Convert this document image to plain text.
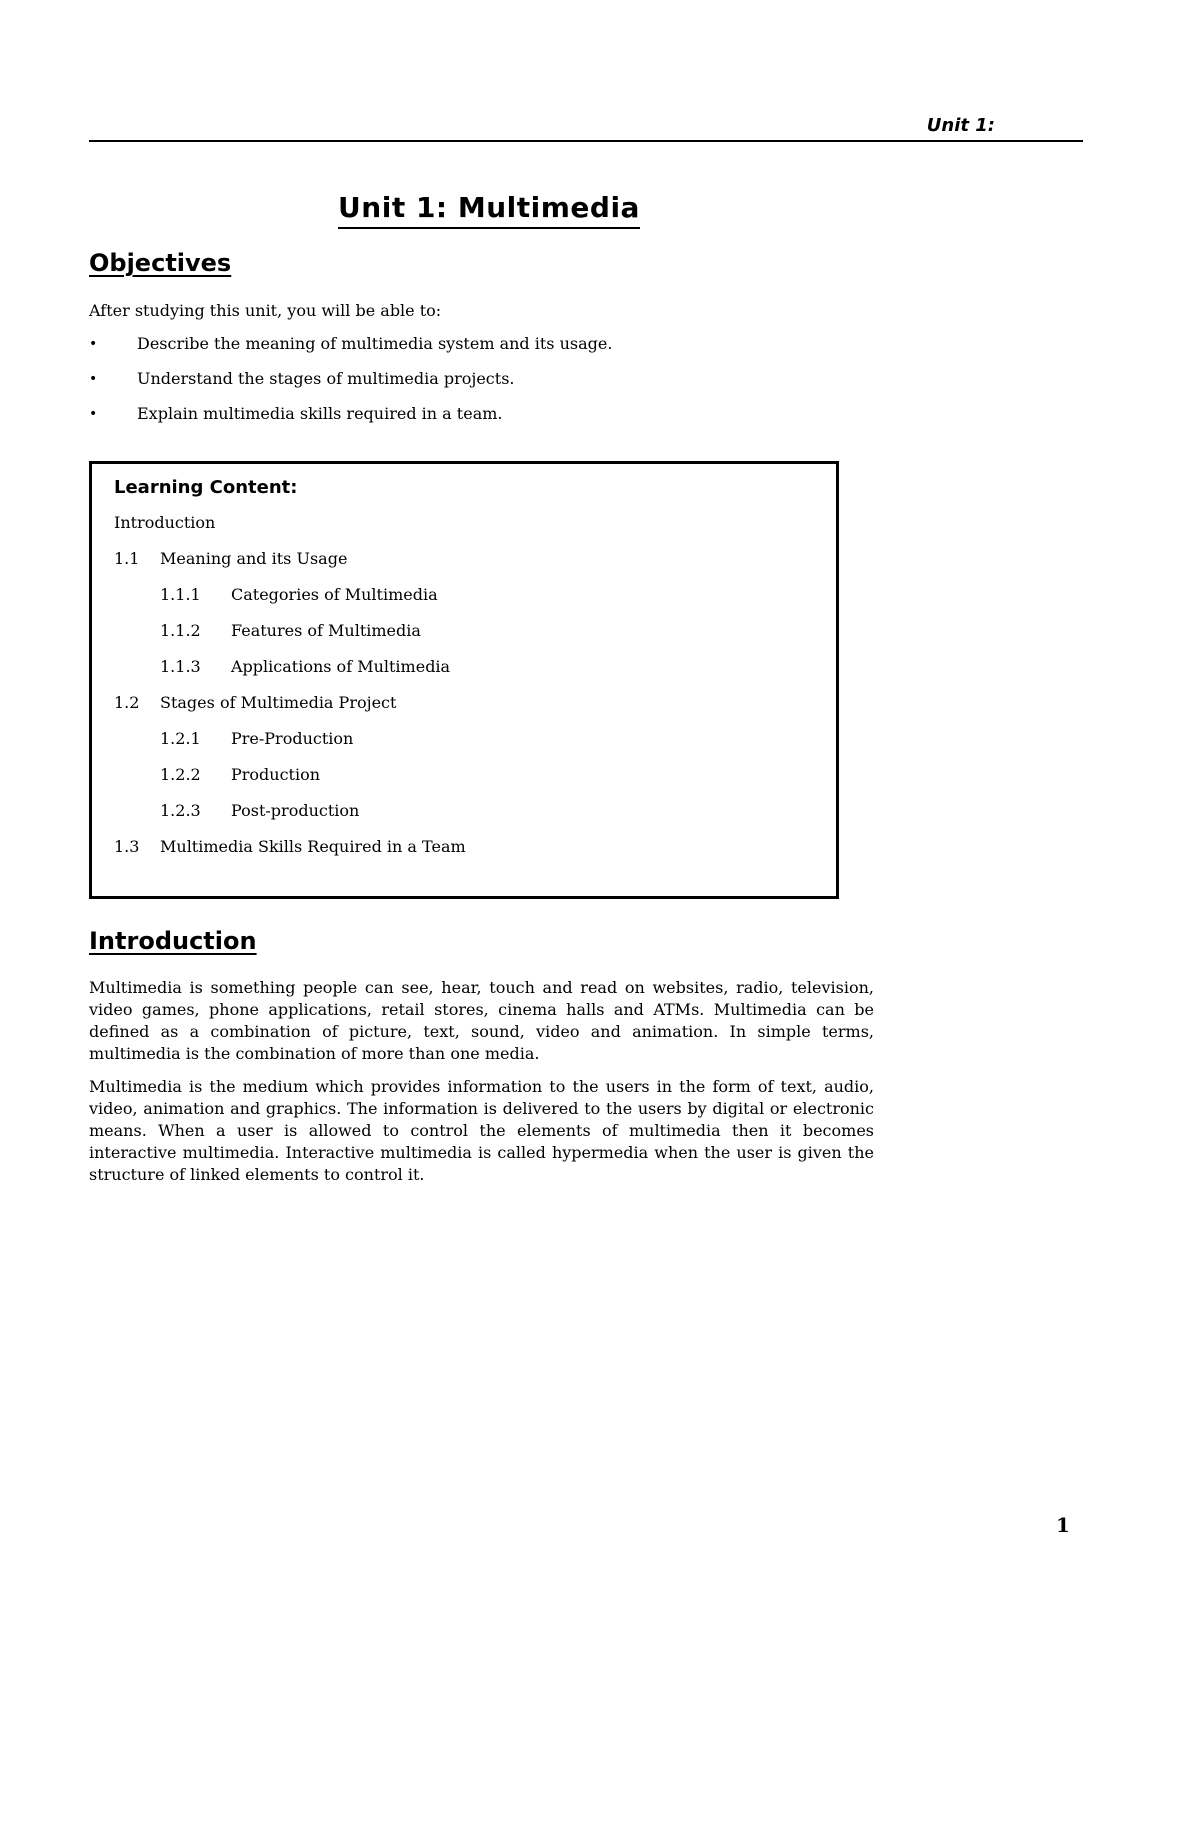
Unit 1:
Unit 1: Multimedia
Objectives
After studying this unit, you will be able to:
• Describe the meaning of multimedia system and its usage.
• Understand the stages of multimedia projects.
• Explain multimedia skills required in a team.
Learning Content:
Introduction
1.1 Meaning and its Usage
1.1.1 Categories of Multimedia
1.1.2 Features of Multimedia
1.1.3 Applications of Multimedia
1.2 Stages of Multimedia Project
1.2.1 Pre-Production
1.2.2 Production
1.2.3 Post-production
1.3 Multimedia Skills Required in a Team
Introduction

Multimedia is something people can see, hear, touch and read on websites, radio, television, video games, phone applications, retail stores, cinema halls and ATMs. Multimedia can be defined as a combination of picture, text, sound, video and animation. In simple terms, multimedia is the combination of more than one media.

Multimedia is the medium which provides information to the users in the form of text, audio, video, animation and graphics. The information is delivered to the users by digital or electronic means. When a user is allowed to control the elements of multimedia then it becomes interactive multimedia. Interactive multimedia is called hypermedia when the user is given the structure of linked elements to control it.

1
